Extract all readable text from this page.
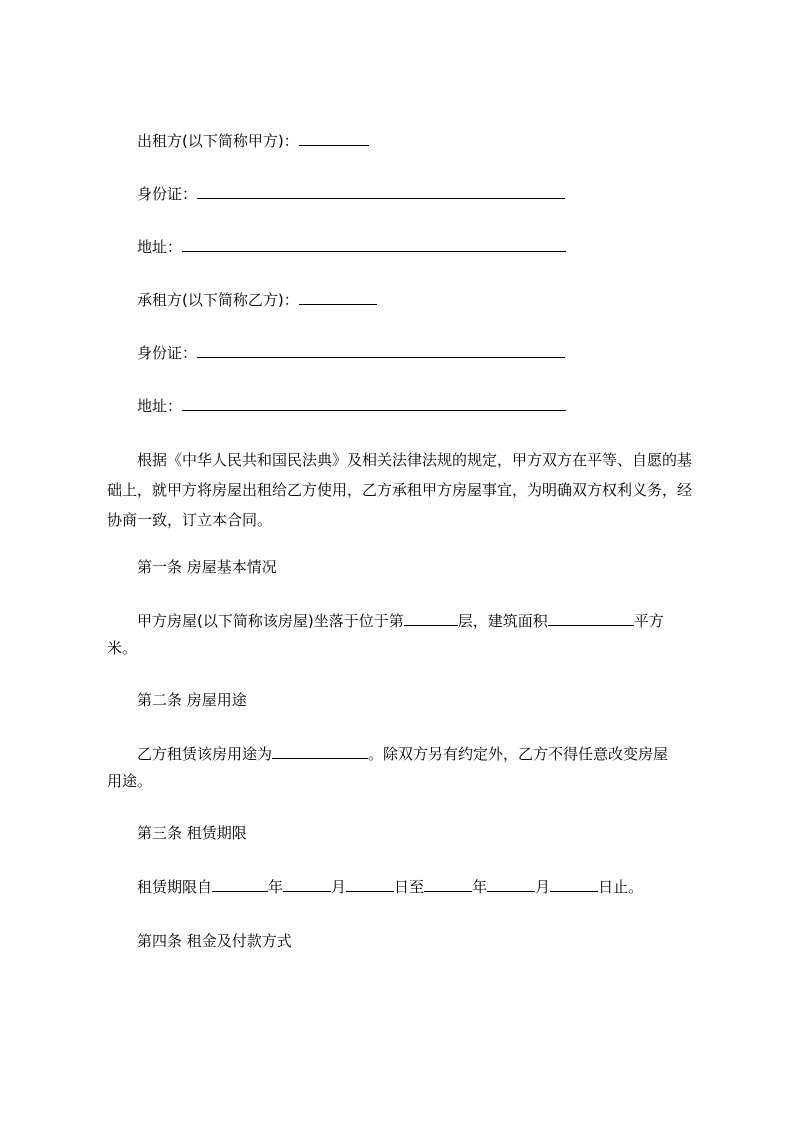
出租方(以下简称甲方)：
身份证：
地址：
承租方(以下简称乙方)：
身份证：
地址：
根据《中华人民共和国民法典》及相关法律法规的规定，甲方双方在平等、自愿的基础上，就甲方将房屋出租给乙方使用，乙方承租甲方房屋事宜，为明确双方权利义务，经协商一致，订立本合同。
第一条 房屋基本情况
甲方房屋(以下简称该房屋)坐落于位于第	层，建筑面积	平方
米。
第二条 房屋用途
乙方租赁该房用途为	。除双方另有约定外，乙方不得任意改变房屋
用途。
第三条 租赁期限
租赁期限自	年	月	日至	年	月	日止。
第四条 租金及付款方式
